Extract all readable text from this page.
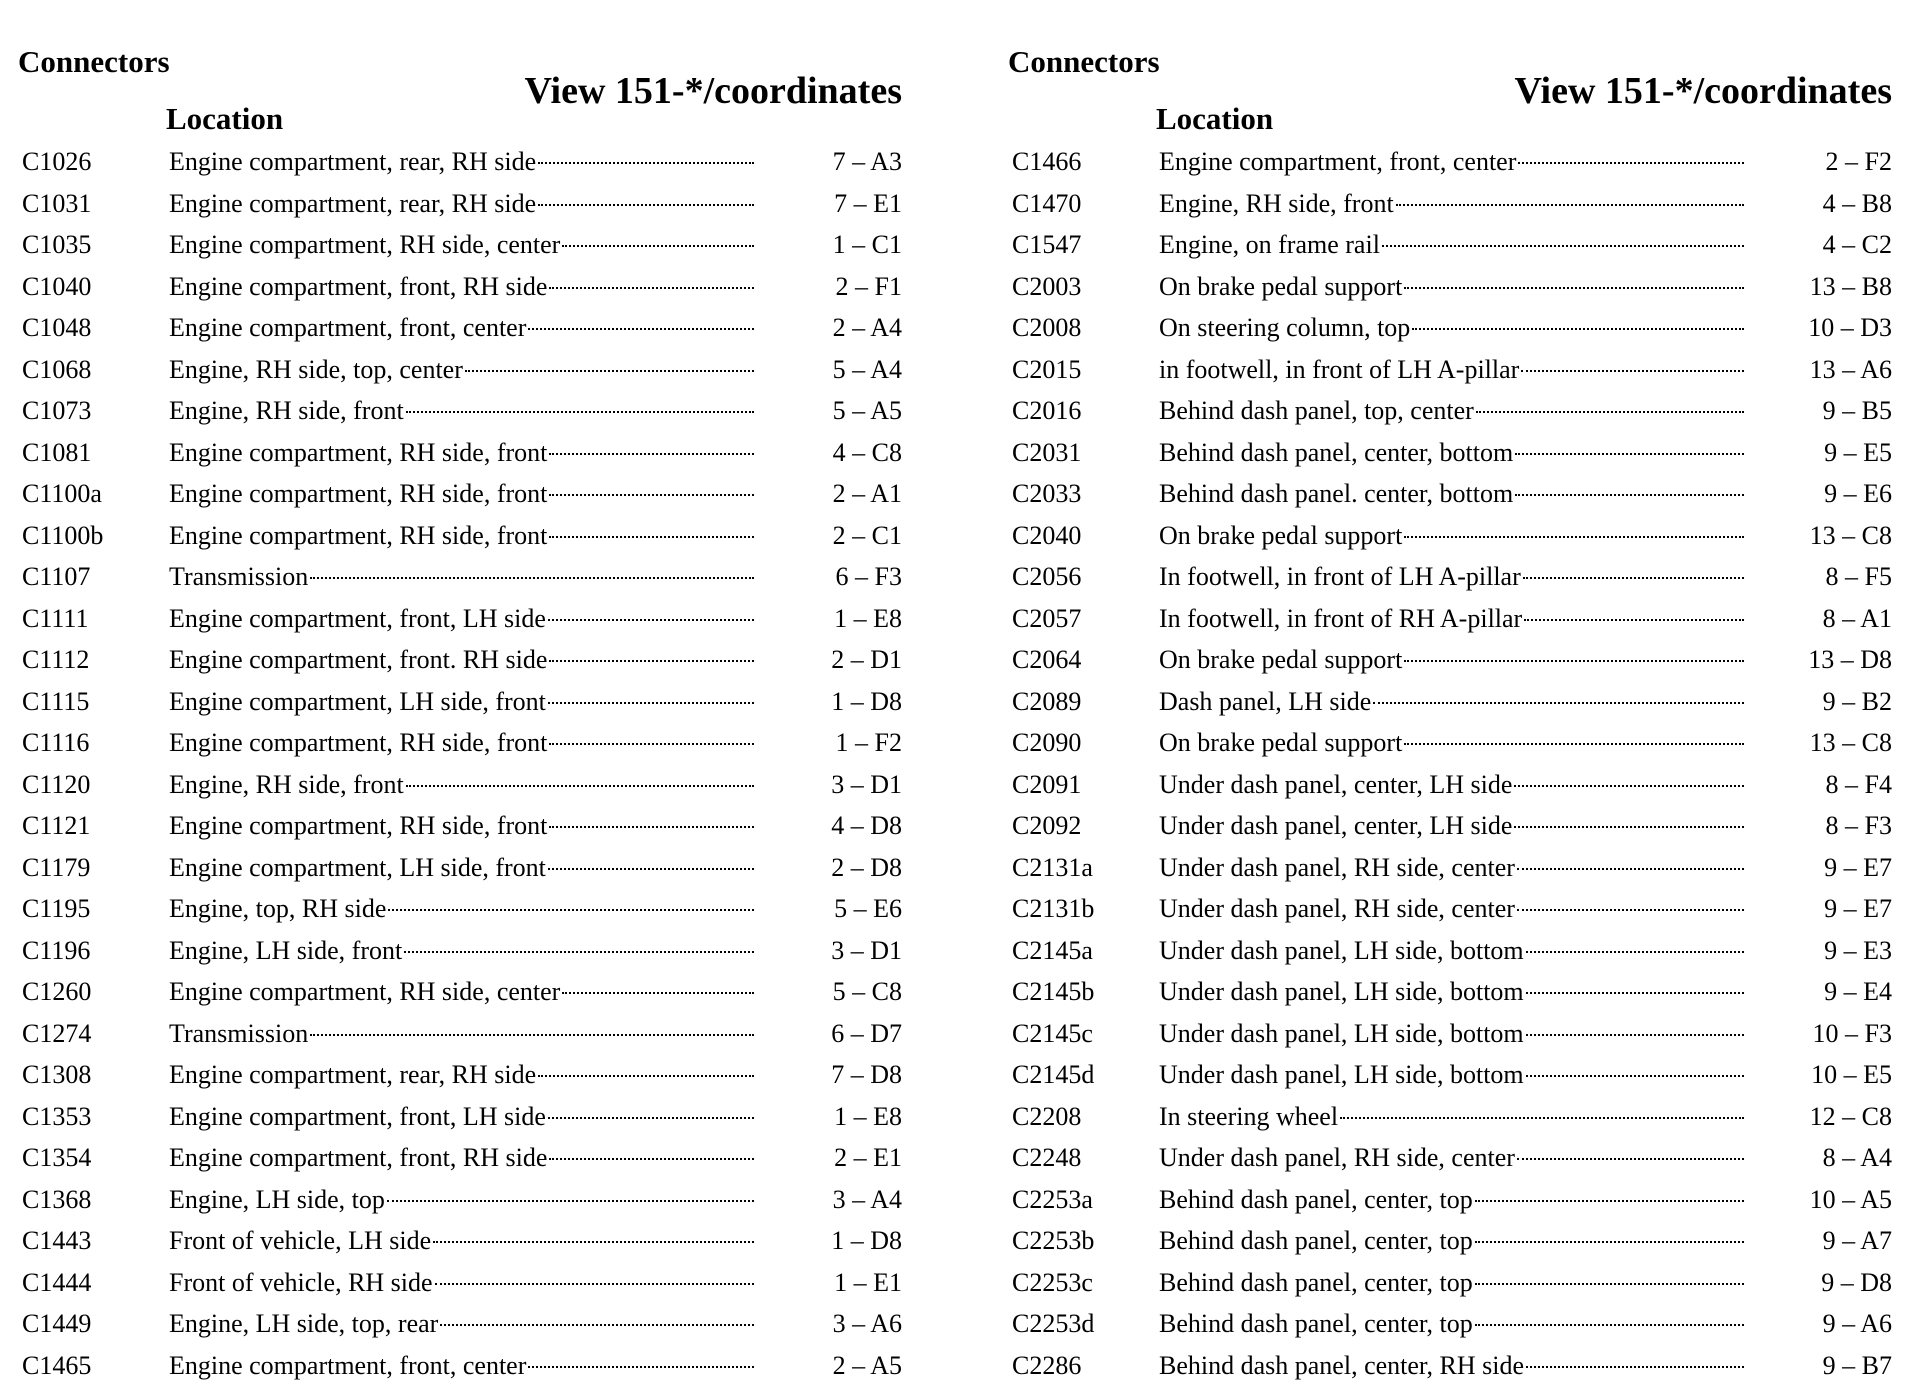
Connectors
View 151-*/coordinates
Location
C1026	Engine compartment, rear, RH side	7 – A3
C1031	Engine compartment, rear, RH side	7 – E1
C1035	Engine compartment, RH side, center	1 – C1
C1040	Engine compartment, front, RH side	2 – F1
C1048	Engine compartment, front, center	2 – A4
C1068	Engine, RH side, top, center	5 – A4
C1073	Engine, RH side, front	5 – A5
C1081	Engine compartment, RH side, front	4 – C8
C1100a	Engine compartment, RH side, front	2 – A1
C1100b	Engine compartment, RH side, front	2 – C1
C1107	Transmission	6 – F3
C1111	Engine compartment, front, LH side	1 – E8
C1112	Engine compartment, front. RH side	2 – D1
C1115	Engine compartment, LH side, front	1 – D8
C1116	Engine compartment, RH side, front	1 – F2
C1120	Engine, RH side, front	3 – D1
C1121	Engine compartment, RH side, front	4 – D8
C1179	Engine compartment, LH side, front	2 – D8
C1195	Engine, top, RH side	5 – E6
C1196	Engine, LH side, front	3 – D1
C1260	Engine compartment, RH side, center	5 – C8
C1274	Transmission	6 – D7
C1308	Engine compartment, rear, RH side	7 – D8
C1353	Engine compartment, front, LH side	1 – E8
C1354	Engine compartment, front, RH side	2 – E1
C1368	Engine, LH side, top	3 – A4
C1443	Front of vehicle, LH side	1 – D8
C1444	Front of vehicle, RH side	1 – E1
C1449	Engine, LH side, top, rear	3 – A6
C1465	Engine compartment, front, center	2 – A5
Connectors
View 151-*/coordinates
Location
C1466	Engine compartment, front, center	2 – F2
C1470	Engine, RH side, front	4 – B8
C1547	Engine, on frame rail	4 – C2
C2003	On brake pedal support	13 – B8
C2008	On steering column, top	10 – D3
C2015	in footwell, in front of LH A-pillar	13 – A6
C2016	Behind dash panel, top, center	9 – B5
C2031	Behind dash panel, center, bottom	9 – E5
C2033	Behind dash panel. center, bottom	9 – E6
C2040	On brake pedal support	13 – C8
C2056	In footwell, in front of LH A-pillar	8 – F5
C2057	In footwell, in front of RH A-pillar	8 – A1
C2064	On brake pedal support	13 – D8
C2089	Dash panel, LH side	9 – B2
C2090	On brake pedal support	13 – C8
C2091	Under dash panel, center, LH side	8 – F4
C2092	Under dash panel, center, LH side	8 – F3
C2131a	Under dash panel, RH side, center	9 – E7
C2131b Under dash panel, RH side, center	9 – E7
C2145a	Under dash panel, LH side, bottom	9 – E3
C2145b Under dash panel, LH side, bottom	9 – E4
C2145c	Under dash panel, LH side, bottom	10 – F3
C2145d Under dash panel, LH side, bottom	10 – E5
C2208	In steering wheel	12 – C8
C2248	Under dash panel, RH side, center	8 – A4
C2253a	Behind dash panel, center, top	10 – A5
C2253b Behind dash panel, center, top	9 – A7
C2253c	Behind dash panel, center, top	9 – D8
C2253d Behind dash panel, center, top	9 – A6
C2286	Behind dash panel, center, RH side	9 – B7
